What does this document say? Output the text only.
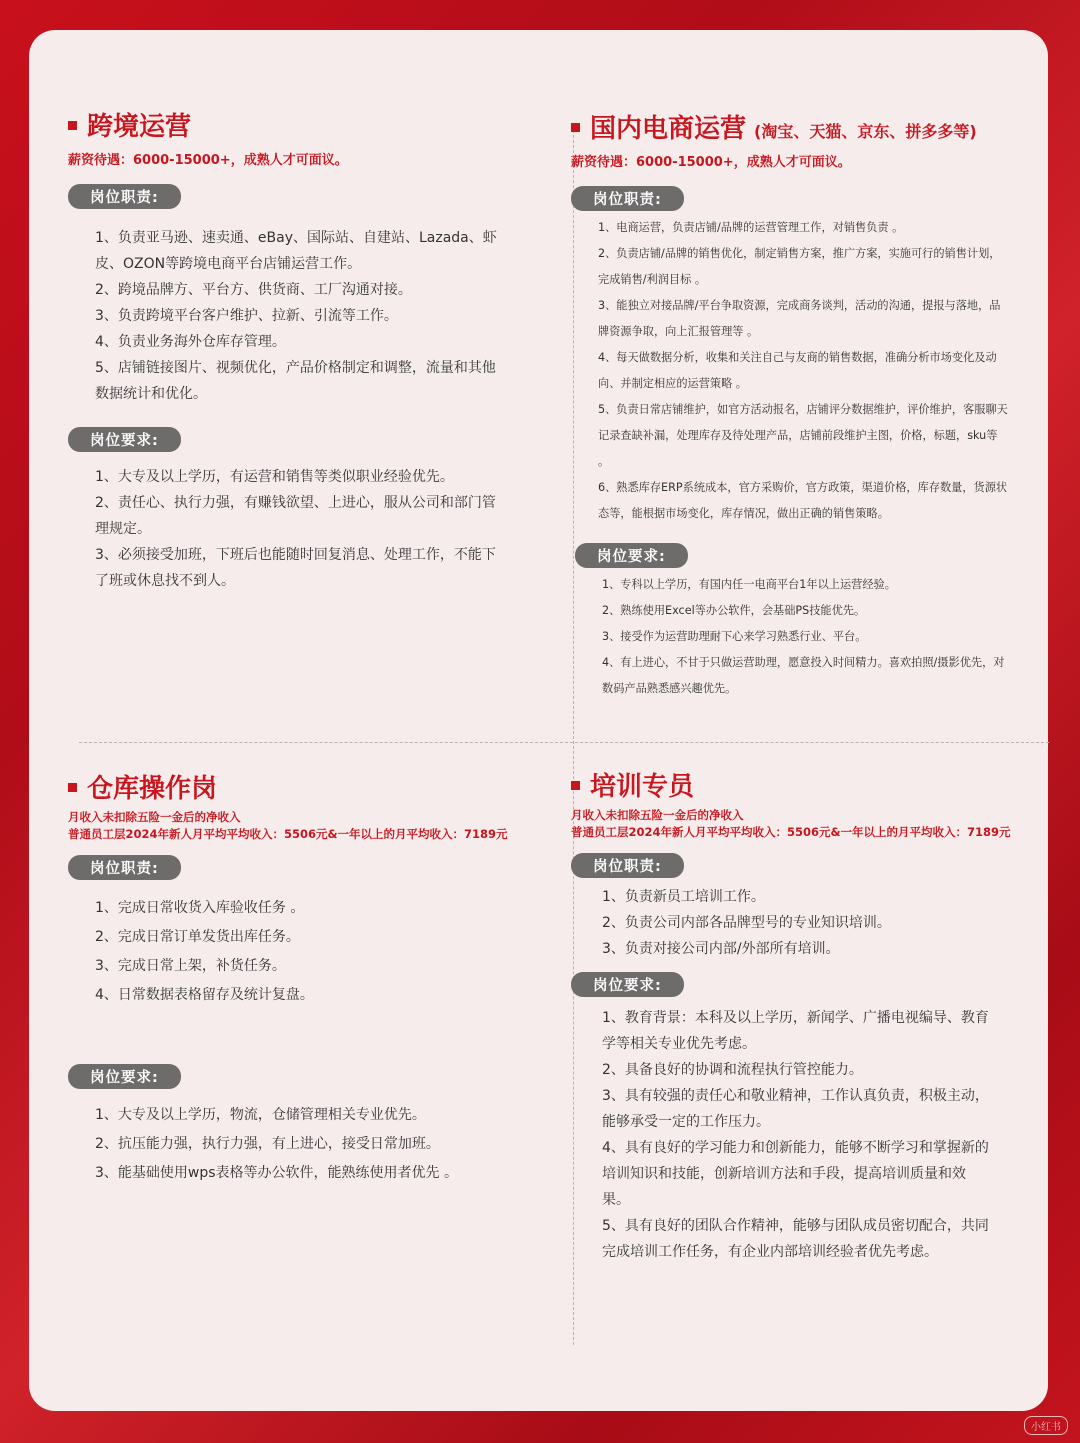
跨境运营
薪资待遇：6000-15000+，成熟人才可面议。
岗位职责:
1、负责亚马逊、速卖通、eBay、国际站、自建站、Lazada、虾皮、OZON等跨境电商平台店铺运营工作。
2、跨境品牌方、平台方、供货商、工厂沟通对接。
3、负责跨境平台客户维护、拉新、引流等工作。
4、负责业务海外仓库存管理。
5、店铺链接图片、视频优化，产品价格制定和调整，流量和其他数据统计和优化。
岗位要求:
1、大专及以上学历，有运营和销售等类似职业经验优先。
2、责任心、执行力强，有赚钱欲望、上进心，服从公司和部门管理规定。
3、必须接受加班，下班后也能随时回复消息、处理工作，不能下了班或休息找不到人。
国内电商运营 (淘宝、天猫、京东、拼多多等)
薪资待遇：6000-15000+，成熟人才可面议。
岗位职责:
1、电商运营，负责店铺/品牌的运营管理工作，对销售负责 。
2、负责店铺/品牌的销售优化，制定销售方案，推广方案，实施可行的销售计划，完成销售/利润目标 。
3、能独立对接品牌/平台争取资源，完成商务谈判，活动的沟通，提报与落地，品牌资源争取，向上汇报管理等 。
4、每天做数据分析，收集和关注自己与友商的销售数据，准确分析市场变化及动向、并制定相应的运营策略 。
5、负责日常店铺维护，如官方活动报名，店铺评分数据维护，评价维护，客服聊天记录查缺补漏，处理库存及待处理产品，店铺前段维护主图，价格，标题，sku等 。
6、熟悉库存ERP系统成本，官方采购价，官方政策，渠道价格，库存数量，货源状态等，能根据市场变化，库存情况，做出正确的销售策略。
岗位要求:
1、专科以上学历，有国内任一电商平台1年以上运营经验。
2、熟练使用Excel等办公软件，会基础PS技能优先。
3、接受作为运营助理耐下心来学习熟悉行业、平台。
4、有上进心，不甘于只做运营助理，愿意投入时间精力。喜欢拍照/摄影优先，对数码产品熟悉感兴趣优先。
仓库操作岗
月收入未扣除五险一金后的净收入
普通员工层2024年新人月平均平均收入：5506元&一年以上的月平均收入：7189元
岗位职责:
1、完成日常收货入库验收任务 。
2、完成日常订单发货出库任务。
3、完成日常上架，补货任务。
4、日常数据表格留存及统计复盘。
岗位要求:
1、大专及以上学历，物流，仓储管理相关专业优先。
2、抗压能力强，执行力强，有上进心，接受日常加班。
3、能基础使用wps表格等办公软件，能熟练使用者优先 。
培训专员
月收入未扣除五险一金后的净收入
普通员工层2024年新人月平均平均收入：5506元&一年以上的月平均收入：7189元
岗位职责:
1、负责新员工培训工作。
2、负责公司内部各品牌型号的专业知识培训。
3、负责对接公司内部/外部所有培训。
岗位要求:
1、教育背景：本科及以上学历，新闻学、广播电视编导、教育学等相关专业优先考虑。
2、具备良好的协调和流程执行管控能力。
3、具有较强的责任心和敬业精神，工作认真负责，积极主动，能够承受一定的工作压力。
4、具有良好的学习能力和创新能力，能够不断学习和掌握新的培训知识和技能，创新培训方法和手段，提高培训质量和效果。
5、具有良好的团队合作精神，能够与团队成员密切配合，共同完成培训工作任务，有企业内部培训经验者优先考虑。
小红书
